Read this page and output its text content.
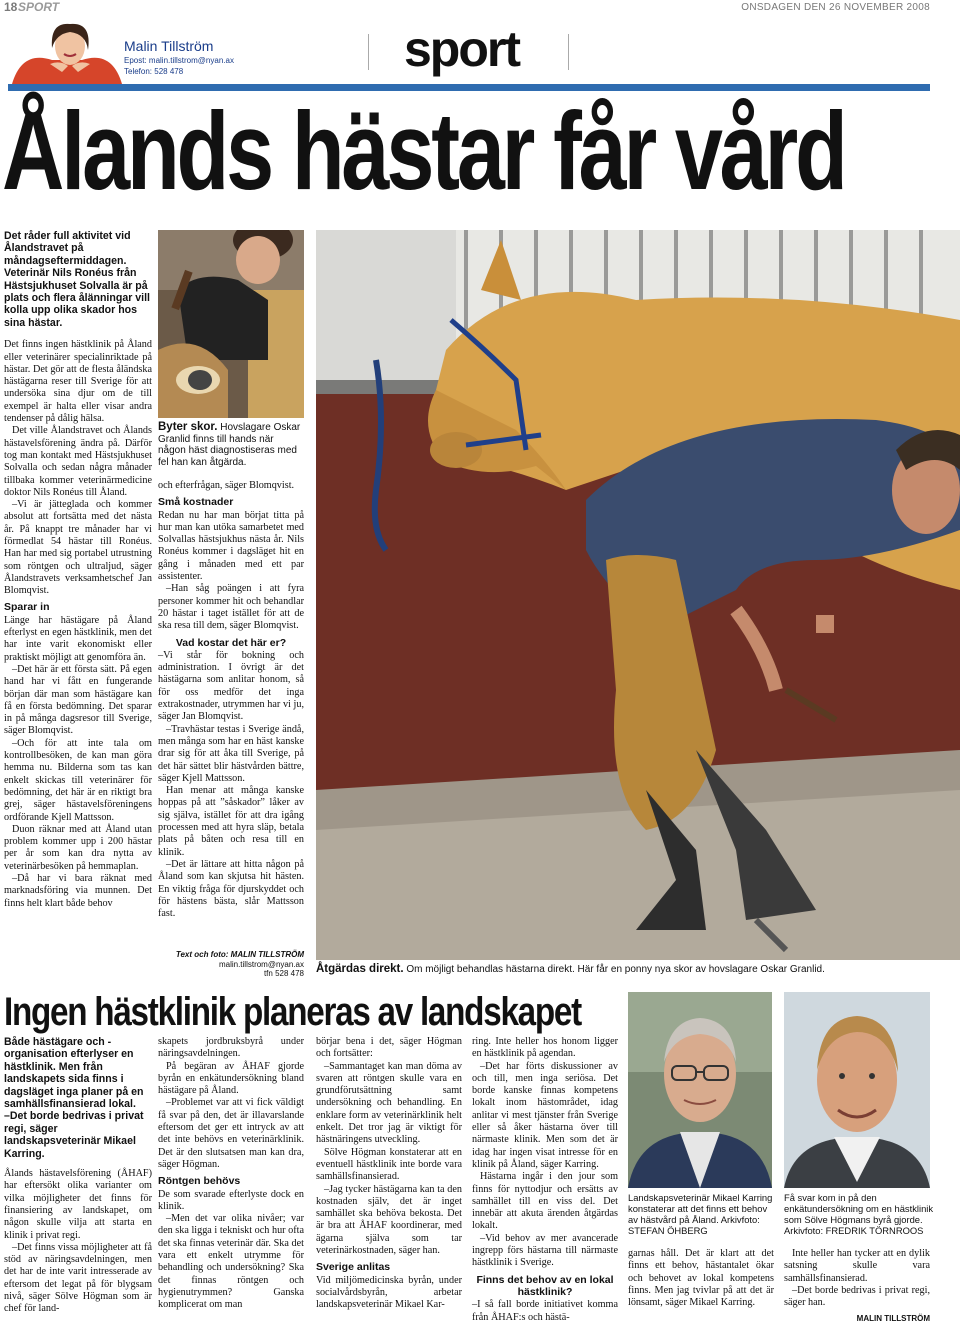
18 SPORT	ONSDAGEN DEN 26 NOVEMBER 2008
Malin Tillström
Epost: malin.tillstrom@nyan.ax
Telefon: 528 478	sport
Ålands hästar får vård

Det råder full aktivitet vid Ålandstravet på måndagseftermiddagen. Veterinär Nils Ronéus från Hästsjukhuset Solvalla är på plats och flera ålänningar vill kolla upp olika skador hos sina hästar.

Det finns ingen hästklinik på Åland eller veterinärer specialinriktade på hästar. Det gör att de flesta åländska hästägarna reser till Sverige för att undersöka sina djur om de till exempel är halta eller visar andra tendenser på dålig hälsa.

Det ville Ålandstravet och Ålands hästavelsförening ändra på. Därför tog man kontakt med Hästsjukhuset Solvalla och sedan några månader tillbaka kommer veterinärmedicine doktor Nils Ronéus till Åland.

–Vi är jätteglada och kommer absolut att fortsätta med det nästa år. På knappt tre månader har vi förmedlat 54 hästar till Ronéus. Han har med sig portabel utrustning som röntgen och ultraljud, säger Ålandstravets verksamhetschef Jan Blomqvist.

Sparar in

Länge har hästägare på Åland efterlyst en egen hästklinik, men det har inte varit ekonomiskt eller praktiskt möjligt att genomföra än.

–Det här är ett första sätt. På egen hand har vi fått en fungerande början där man som hästägare kan få en första bedömning. Det sparar in på många dagsresor till Sverige, säger Blomqvist.

–Och för att inte tala om kontrollbesöken, de kan man göra hemma nu. Bilderna som tas kan enkelt skickas till veterinärer för bedömning, det här är en riktigt bra grej, säger hästavelsföreningens ordförande Kjell Mattsson.

Duon räknar med att Åland utan problem kommer upp i 200 hästar per år som kan dra nytta av veterinärbesöken på hemmaplan.

–Då har vi bara räknat med marknadsföring via munnen. Det finns helt klart både behov

Byter skor. Hovslagare Oskar Granlid finns till hands när någon häst diagnostiseras med fel han kan åtgärda.

och efterfrågan, säger Blomqvist.

Små kostnader

Redan nu har man börjat titta på hur man kan utöka samarbetet med Solvallas hästsjukhus nästa år. Nils Ronéus kommer i dagsläget hit en gång i månaden med ett par assistenter.

–Han såg poängen i att fyra personer kommer hit och behandlar 20 hästar i taget istället för att de ska resa till dem, säger Blomqvist.

Vad kostar det här er?

–Vi står för bokning och administration. I övrigt är det hästägarna som anlitar honom, så för oss medför det inga extrakostnader, utrymmen har vi ju, säger Jan Blomqvist.

–Travhästar testas i Sverige ändå, men många som har en häst kanske drar sig för att åka till Sverige, på det här sättet blir hästvården bättre, säger Kjell Mattsson.

Han menar att många kanske hoppas på att ”såskador” låker av sig själva, istället för att dra igång processen med att hyra släp, betala plats på båten och resa till en klinik.

–Det är lättare att hitta någon på Åland som kan skjutsa hit hästen. En viktig fråga för djurskyddet och för hästens bästa, slår Mattsson fast.

Text och foto: MALIN TILLSTRÖM
malin.tillstrom@nyan.ax
tfn 528 478 Åtgärdas direkt. Om möjligt behandlas hästarna direkt. Här får en ponny nya skor av hovslagare Oskar Granlid.
Ingen hästklinik planeras av landskapet

Både hästägare och -organisation efterlyser en hästklinik. Men från landskapets sida finns i dagsläget inga planer på en samhällsfinansierad lokal.

–Det borde bedrivas i privat regi, säger landskapsveterinär Mikael Karring.

Ålands hästavelsförening (ÅHAF) har eftersökt olika varianter om vilka möjligheter det finns för finansiering av landskapet, om någon skulle vilja att starta en klinik i privat regi.

–Det finns vissa möjligheter att få stöd av näringsavdelningen, men det har de inte varit intresserade av eftersom det legat på för blygsam nivå, säger Sölve Högman som är chef för land-

skapets jordbruksbyrå under näringsavdelningen.

På begäran av ÅHAF gjorde byrån en enkätundersökning bland hästägare på Åland.

–Problemet var att vi fick väldigt få svar på den, det är illavarslande eftersom det ger ett intryck av att det inte behövs en veterinärklinik. Det är den slutsatsen man kan dra, säger Högman.

Röntgen behövs

De som svarade efterlyste dock en klinik.

–Men det var olika nivåer; var den ska ligga i tekniskt och hur ofta det ska finnas veterinär där. Ska det vara ett enkelt utrymme för behandling och undersökning? Ska det finnas röntgen och hygienutrymmen? Ganska komplicerat om man

börjar bena i det, säger Högman och fortsätter:

–Sammantaget kan man döma av svaren att röntgen skulle vara en grundförutsättning samt undersökning och behandling. En enklare form av veterinärklinik helt enkelt. Det tror jag är viktigt för hästnäringens utveckling.

Sölve Högman konstaterar att en eventuell hästklinik inte borde vara samhällsfinansierad.

–Jag tycker hästägarna kan ta den kostnaden själv, det är inget samhället ska behöva bekosta. Det är bra att ÅHAF koordinerar, med ägarna själva som tar veterinärkostnaden, säger han.

Sverige anlitas

Vid miljömedicinska byrån, under socialvårdsbyrån, arbetar landskapsveterinär Mikael Kar-

ring. Inte heller hos honom ligger en hästklinik på agendan.

–Det har förts diskussioner av och till, men inga seriösa. Det borde kanske finnas kompetens lokalt inom hästområdet, idag anlitar vi mest tjänster från Sverige eller så åker hästarna över till närmaste klinik. Men som det är idag har ingen visat intresse för en klinik på Åland, säger Karring.

Hästarna ingår i den jour som finns för nyttodjur och ersätts av samhället till en viss del. Det innebär att akuta ärenden åtgärdas lokalt.

–Vid behov av mer avancerade ingrepp förs hästarna till närmaste hästklinik i Sverige.

Finns det behov av en lokal hästklinik?

–I så fall borde initiativet komma från ÅHAF:s och hästä-

Landskapsveterinär Mikael Karring konstaterar att det finns ett behov av hästvård på Åland. Arkivfoto: STEFAN ÖHBERG

garnas håll. Det är klart att det finns ett behov, hästantalet ökar och behovet av lokal kompetens finns. Men jag tvivlar på att det är lönsamt, säger Mikael Karring.

Få svar kom in på den enkätundersökning om en hästklinik som Sölve Högmans byrå gjorde. Arkivfoto: FREDRIK TÖRNROOS

Inte heller han tycker att en dylik satsning skulle vara samhällsfinansierad.

–Det borde bedrivas i privat regi, säger han.

MALIN TILLSTRÖM
